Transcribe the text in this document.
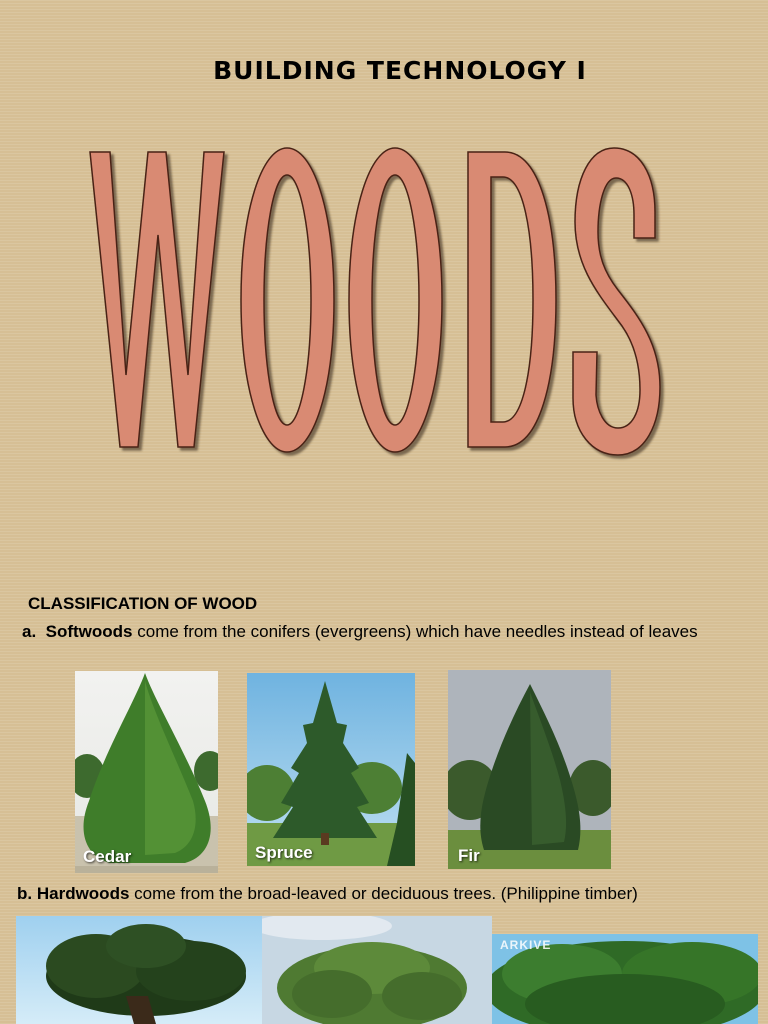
BUILDING TECHNOLOGY I
CLASSIFICATION OF WOOD
a. Softwoods come from the conifers (evergreens) which have needles instead of leaves
Cedar	Spruce	Fir
b. Hardwoods come from the broad-leaved or deciduous trees. (Philippine timber)
ARKIVE
